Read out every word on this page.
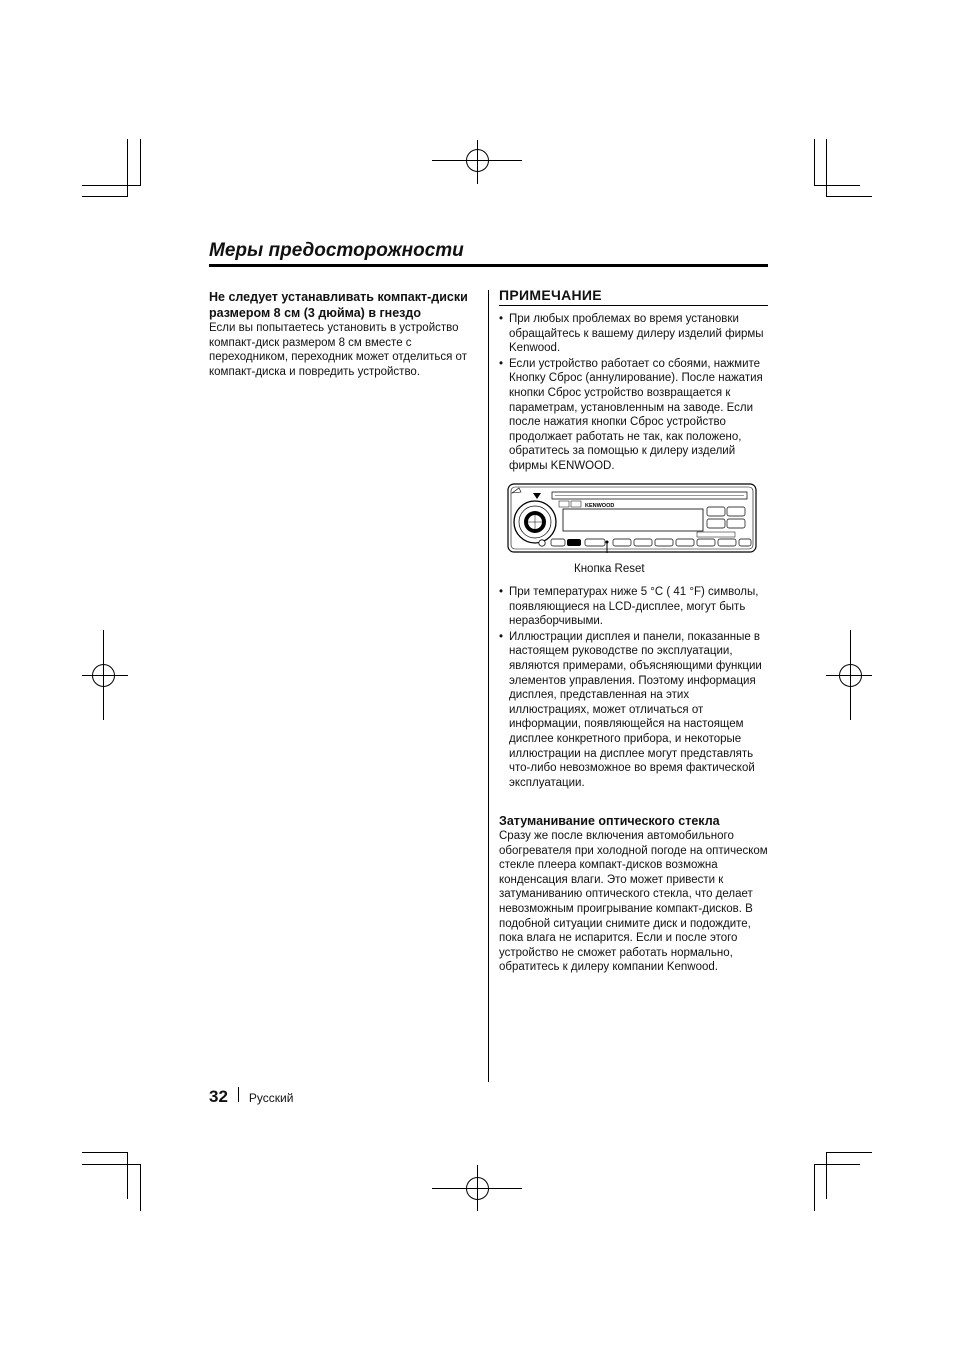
Меры предосторожности

Не следует устанавливать компакт-диски размером 8 см (3 дюйма) в гнездо

Если вы попытаетесь установить в устройство компакт-диск размером 8 см вместе с переходником, переходник может отделиться от компакт-диска и повредить устройство.

ПРИМЕЧАНИЕ

• При любых проблемах во время установки обращайтесь к вашему дилеру изделий фирмы Kenwood.
• Если устройство работает со сбоями, нажмите Кнопку Сброс (аннулирование). После нажатия кнопки Сброс устройство возвращается к параметрам, установленным на заводе. Если после нажатия кнопки Сброс устройство продолжает работать не так, как положено, обратитесь за помощью к дилеру изделий фирмы KENWOOD.
KENWOOD
Кнопка Reset
• При температурах ниже 5 °C ( 41 °F) символы, появляющиеся на LCD-дисплее, могут быть неразборчивыми.
• Иллюстрации дисплея и панели, показанные в настоящем руководстве по эксплуатации, являются примерами, объясняющими функции элементов управления. Поэтому информация дисплея, представленная на этих иллюстрациях, может отличаться от информации, появляющейся на настоящем дисплее конкретного прибора, и некоторые иллюстрации на дисплее могут представлять что-либо невозможное во время фактической эксплуатации.

Затуманивание оптического стекла

Сразу же после включения автомобильного обогревателя при холодной погоде на оптическом стекле плеера компакт-дисков возможна конденсация влаги. Это может привести к затуманиванию оптического стекла, что делает невозможным проигрывание компакт-дисков. В подобной ситуации снимите диск и подождите, пока влага не испарится. Если и после этого устройство не сможет работать нормально, обратитесь к дилеру компании Kenwood.

32 Русский
